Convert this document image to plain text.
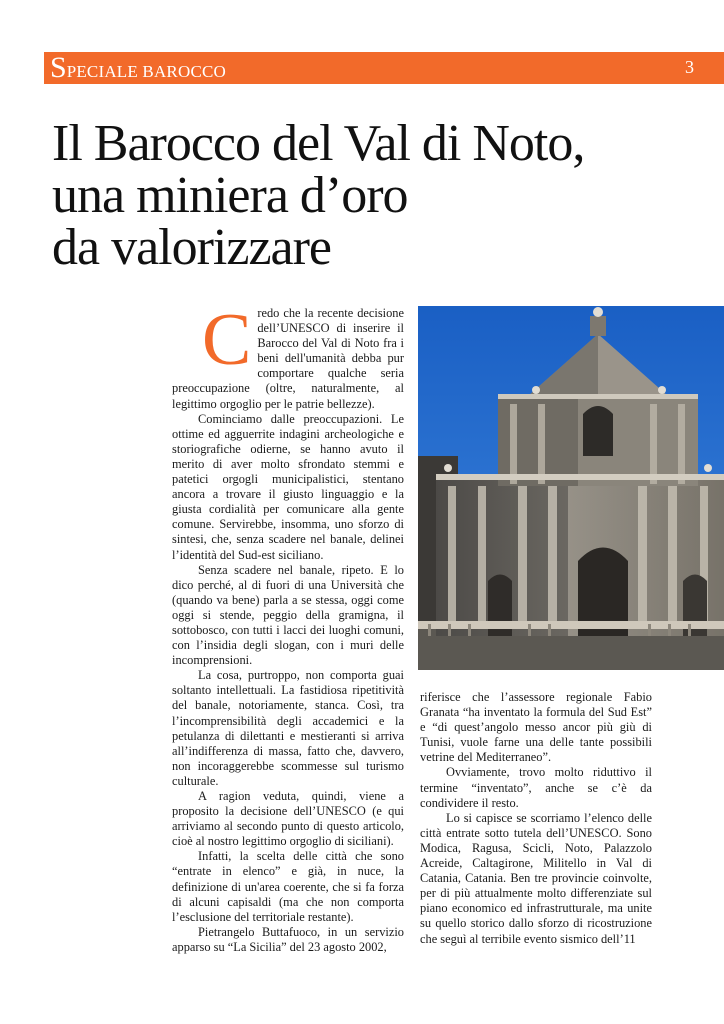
SPECIALE BAROCCO	3
Il Barocco del Val di Noto,
una miniera d’oro
da valorizzare
C redo che la recente decisione dell’UNESCO di inserire il Barocco del Val di Noto fra i beni dell'umanità debba pur comportare qualche seria preoccupazione (oltre, naturalmente, al legittimo orgoglio per le patrie bellezze).

Cominciamo dalle preoccupazioni. Le ottime ed agguerrite indagini archeologiche e storiografiche odierne, se hanno avuto il merito di aver molto sfrondato stemmi e patetici orgogli municipalistici, stentano ancora a trovare il giusto linguaggio e la giusta cordialità per comunicare alla gente comune. Servirebbe, insomma, uno sforzo di sintesi, che, senza scadere nel banale, delinei l’identità del Sud-est siciliano.

Senza scadere nel banale, ripeto. E lo dico perché, al di fuori di una Università che (quando va bene) parla a se stessa, oggi come oggi si stende, peggio della gramigna, il sottobosco, con tutti i lacci dei luoghi comuni, con l’insidia degli slogan, con i muri delle incomprensioni.

La cosa, purtroppo, non comporta guai soltanto intellettuali. La fastidiosa ripetitività del banale, notoriamente, stanca. Così, tra l’incomprensibilità degli accademici e la petulanza di dilettanti e mestieranti si arriva all’indifferenza di massa, fatto che, davvero, non incoraggerebbe scommesse sul turismo culturale.

A ragion veduta, quindi, viene a proposito la decisione dell’UNESCO (e qui arriviamo al secondo punto di questo articolo, cioè al nostro legittimo orgoglio di siciliani).

Infatti, la scelta delle città che sono “entrate in elenco” e già, in nuce, la definizione di un'area coerente, che si fa forza di alcuni capisaldi (ma che non comporta l’esclusione del territoriale restante).

Pietrangelo Buttafuoco, in un servizio apparso su “La Sicilia” del 23 agosto 2002,

riferisce che l’assessore regionale Fabio Granata “ha inventato la formula del Sud Est” e “di quest’angolo messo ancor più giù di Tunisi, vuole farne una delle tante possibili vetrine del Mediterraneo”.

Ovviamente, trovo molto riduttivo il termine “inventato”, anche se c’è da condividere il resto.

Lo si capisce se scorriamo l’elenco delle città entrate sotto tutela dell’UNESCO. Sono Modica, Ragusa, Scicli, Noto, Palazzolo Acreide, Caltagirone, Militello in Val di Catania, Catania. Ben tre provincie coinvolte, per di più attualmente molto differenziate sul piano economico ed infrastrutturale, ma unite su quello storico dallo sforzo di ricostruzione che seguì al terribile evento sismico dell’11
